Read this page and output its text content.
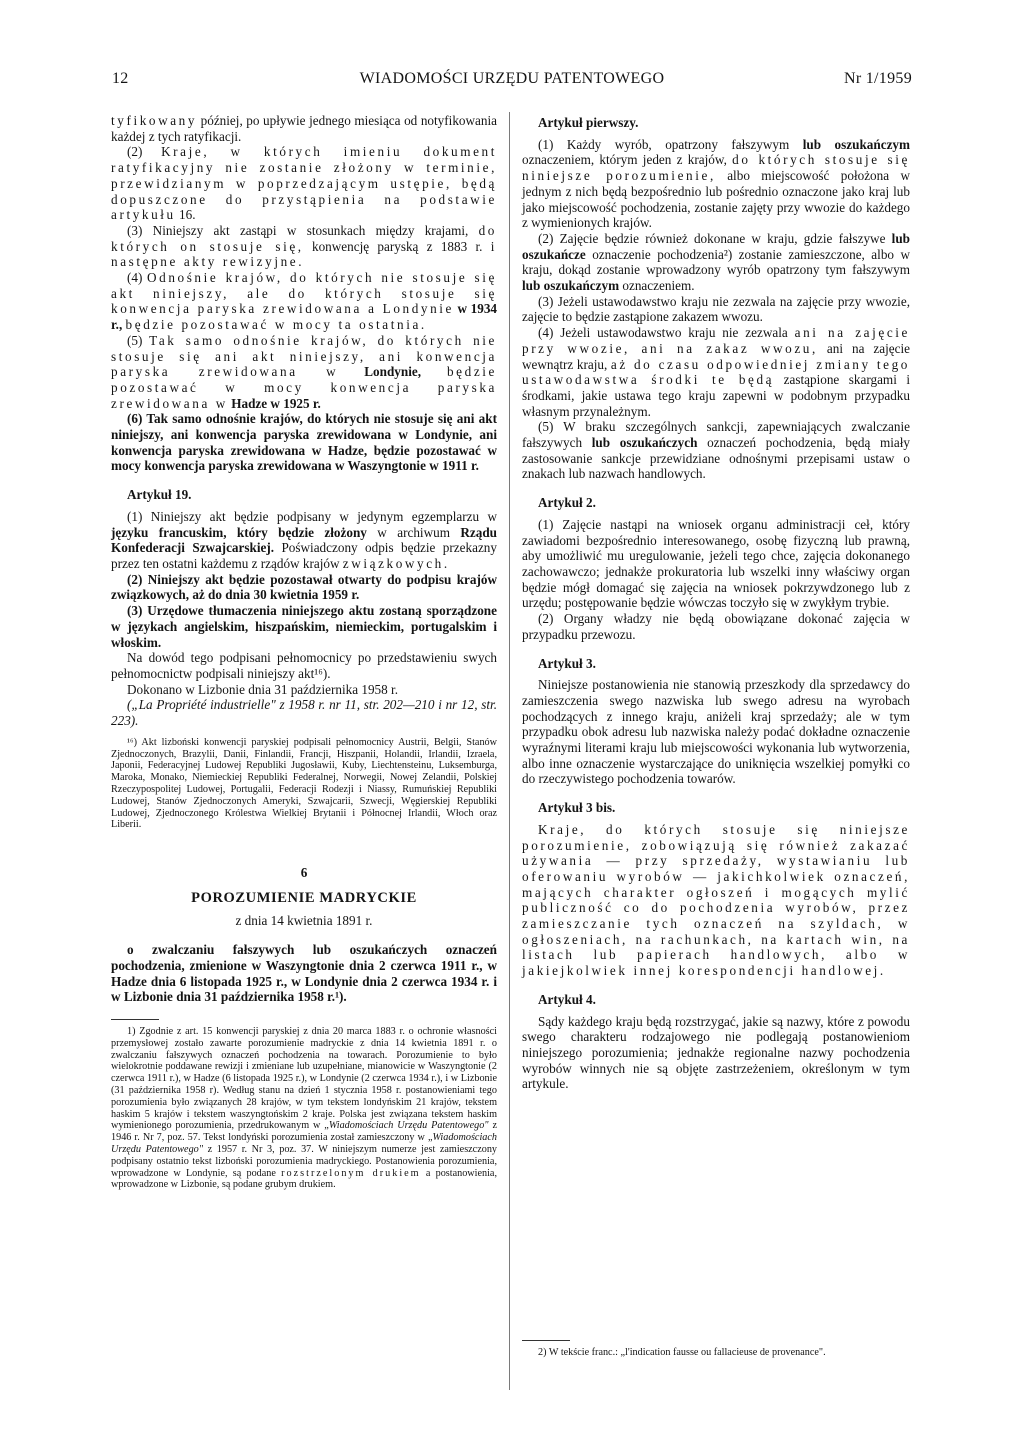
12	WIADOMOŚCI URZĘDU PATENTOWEGO	Nr 1/1959

tyfikowany później, po upływie jednego miesiąca od notyfikowania każdej z tych ratyfikacji.

(2) Kraje, w których imieniu dokument ratyfikacyjny nie zostanie złożony w terminie, przewidzianym w poprzedzającym ustępie, będą dopuszczone do przystąpienia na podstawie artykułu 16.

(3) Niniejszy akt zastąpi w stosunkach między krajami, do których on stosuje się, konwencję paryską z 1883 r. i następne akty rewizyjne.

(4) Odnośnie krajów, do których nie stosuje się akt niniejszy, ale do których stosuje się konwencja paryska zrewidowana a Londynie w 1934 r., będzie pozostawać w mocy ta ostatnia.

(5) Tak samo odnośnie krajów, do których nie stosuje się ani akt niniejszy, ani konwencja paryska zrewidowana w Londynie, będzie pozostawać w mocy konwencja paryska zrewidowana w Hadze w 1925 r.

(6) Tak samo odnośnie krajów, do których nie stosuje się ani akt niniejszy, ani konwencja paryska zrewidowana w Londynie, ani konwencja paryska zrewidowana w Hadze, będzie pozostawać w mocy konwencja paryska zrewidowana w Waszyngtonie w 1911 r.

Artykuł 19.

(1) Niniejszy akt będzie podpisany w jedynym egzemplarzu w języku francuskim, który będzie złożony w archiwum Rządu Konfederacji Szwajcarskiej. Poświadczony odpis będzie przekazny przez ten ostatni każdemu z rządów krajów związkowych.

(2) Niniejszy akt będzie pozostawał otwarty do podpisu krajów związkowych, aż do dnia 30 kwietnia 1959 r.

(3) Urzędowe tłumaczenia niniejszego aktu zostaną sporządzone w językach angielskim, hiszpańskim, niemieckim, portugalskim i włoskim.

Na dowód tego podpisani pełnomocnicy po przedstawieniu swych pełnomocnictw podpisali niniejszy akt¹⁶).

Dokonano w Lizbonie dnia 31 października 1958 r.

(„La Propriété industrielle" z 1958 r. nr 11, str. 202—210 i nr 12, str. 223).

¹⁶) Akt lizboński konwencji paryskiej podpisali pełnomocnicy Austrii, Belgii, Stanów Zjednoczonych, Brazylii, Danii, Finlandii, Francji, Hiszpanii, Holandii, Irlandii, Izraela, Japonii, Federacyjnej Ludowej Republiki Jugosławii, Kuby, Liechtensteinu, Luksemburga, Maroka, Monako, Niemieckiej Republiki Federalnej, Norwegii, Nowej Zelandii, Polskiej Rzeczypospolitej Ludowej, Portugalii, Federacji Rodezji i Niassy, Rumuńskiej Republiki Ludowej, Stanów Zjednoczonych Ameryki, Szwajcarii, Szwecji, Węgierskiej Republiki Ludowej, Zjednoczonego Królestwa Wielkiej Brytanii i Północnej Irlandii, Włoch oraz Liberii.

6

POROZUMIENIE MADRYCKIE

z dnia 14 kwietnia 1891 r.

o zwalczaniu fałszywych lub oszukańczych oznaczeń pochodzenia, zmienione w Waszyngtonie dnia 2 czerwca 1911 r., w Hadze dnia 6 listopada 1925 r., w Londynie dnia 2 czerwca 1934 r. i w Lizbonie dnia 31 października 1958 r.¹).

1) Zgodnie z art. 15 konwencji paryskiej z dnia 20 marca 1883 r. o ochronie własności przemysłowej zostało zawarte porozumienie madryckie z dnia 14 kwietnia 1891 r. o zwalczaniu fałszywych oznaczeń pochodzenia na towarach. Porozumienie to było wielokrotnie poddawane rewizji i zmieniane lub uzupełniane, mianowicie w Waszyngtonie (2 czerwca 1911 r.), w Hadze (6 listopada 1925 r.), w Londynie (2 czerwca 1934 r.), i w Lizbonie (31 października 1958 r). Według stanu na dzień 1 stycznia 1958 r. postanowieniami tego porozumienia było związanych 28 krajów, w tym tekstem londyńskim 21 krajów, tekstem haskim 5 krajów i tekstem waszyngtońskim 2 kraje. Polska jest związana tekstem haskim wymienionego porozumienia, przedrukowanym w „Wiadomościach Urzędu Patentowego" z 1946 r. Nr 7, poz. 57. Tekst londyński porozumienia został zamieszczony w „Wiadomościach Urzędu Patentowego" z 1957 r. Nr 3, poz. 37. W niniejszym numerze jest zamieszczony podpisany ostatnio tekst lizboński porozumienia madryckiego. Postanowienia porozumienia, wprowadzone w Londynie, są podane rozstrzelonym drukiem a postanowienia, wprowadzone w Lizbonie, są podane grubym drukiem.

Artykuł pierwszy.

(1) Każdy wyrób, opatrzony fałszywym lub oszukańczym oznaczeniem, którym jeden z krajów, do których stosuje się niniejsze porozumienie, albo miejscowość położona w jednym z nich będą bezpośrednio lub pośrednio oznaczone jako kraj lub jako miejscowość pochodzenia, zostanie zajęty przy wwozie do każdego z wymienionych krajów.

(2) Zajęcie będzie również dokonane w kraju, gdzie fałszywe lub oszukańcze oznaczenie pochodzenia²) zostanie zamieszczone, albo w kraju, dokąd zostanie wprowadzony wyrób opatrzony tym fałszywym lub oszukańczym oznaczeniem.

(3) Jeżeli ustawodawstwo kraju nie zezwala na zajęcie przy wwozie, zajęcie to będzie zastąpione zakazem wwozu.

(4) Jeżeli ustawodawstwo kraju nie zezwala ani na zajęcie przy wwozie, ani na zakaz wwozu, ani na zajęcie wewnątrz kraju, aż do czasu odpowiedniej zmiany tego ustawodawstwa środki te będą zastąpione skargami i środkami, jakie ustawa tego kraju zapewni w podobnym przypadku własnym przynależnym.

(5) W braku szczególnych sankcji, zapewniających zwalczanie fałszywych lub oszukańczych oznaczeń pochodzenia, będą miały zastosowanie sankcje przewidziane odnośnymi przepisami ustaw o znakach lub nazwach handlowych.

Artykuł 2.

(1) Zajęcie nastąpi na wniosek organu administracji ceł, który zawiadomi bezpośrednio interesowanego, osobę fizyczną lub prawną, aby umożliwić mu uregulowanie, jeżeli tego chce, zajęcia dokonanego zachowawczo; jednakże prokuratoria lub wszelki inny właściwy organ będzie mógł domagać się zajęcia na wniosek pokrzywdzonego lub z urzędu; postępowanie będzie wówczas toczyło się w zwykłym trybie.

(2) Organy władzy nie będą obowiązane dokonać zajęcia w przypadku przewozu.

Artykuł 3.

Niniejsze postanowienia nie stanowią przeszkody dla sprzedawcy do zamieszczenia swego nazwiska lub swego adresu na wyrobach pochodzących z innego kraju, aniżeli kraj sprzedaży; ale w tym przypadku obok adresu lub nazwiska należy podać dokładne oznaczenie wyraźnymi literami kraju lub miejscowości wykonania lub wytworzenia, albo inne oznaczenie wystarczające do uniknięcia wszelkiej pomyłki co do rzeczywistego pochodzenia towarów.

Artykuł 3 bis.

Kraje, do których stosuje się niniejsze porozumienie, zobowiązują się również zakazać używania — przy sprzedaży, wystawianiu lub oferowaniu wyrobów — jakichkolwiek oznaczeń, mających charakter ogłoszeń i mogących mylić publiczność co do pochodzenia wyrobów, przez zamieszczanie tych oznaczeń na szyldach, w ogłoszeniach, na rachunkach, na kartach win, na listach lub papierach handlowych, albo w jakiejkolwiek innej korespondencji handlowej.

Artykuł 4.

Sądy każdego kraju będą rozstrzygać, jakie są nazwy, które z powodu swego charakteru rodzajowego nie podlegają postanowieniom niniejszego porozumienia; jednakże regionalne nazwy pochodzenia wyrobów winnych nie są objęte zastrzeżeniem, określonym w tym artykule.

2) W tekście franc.: „l'indication fausse ou fallacieuse de provenance".
